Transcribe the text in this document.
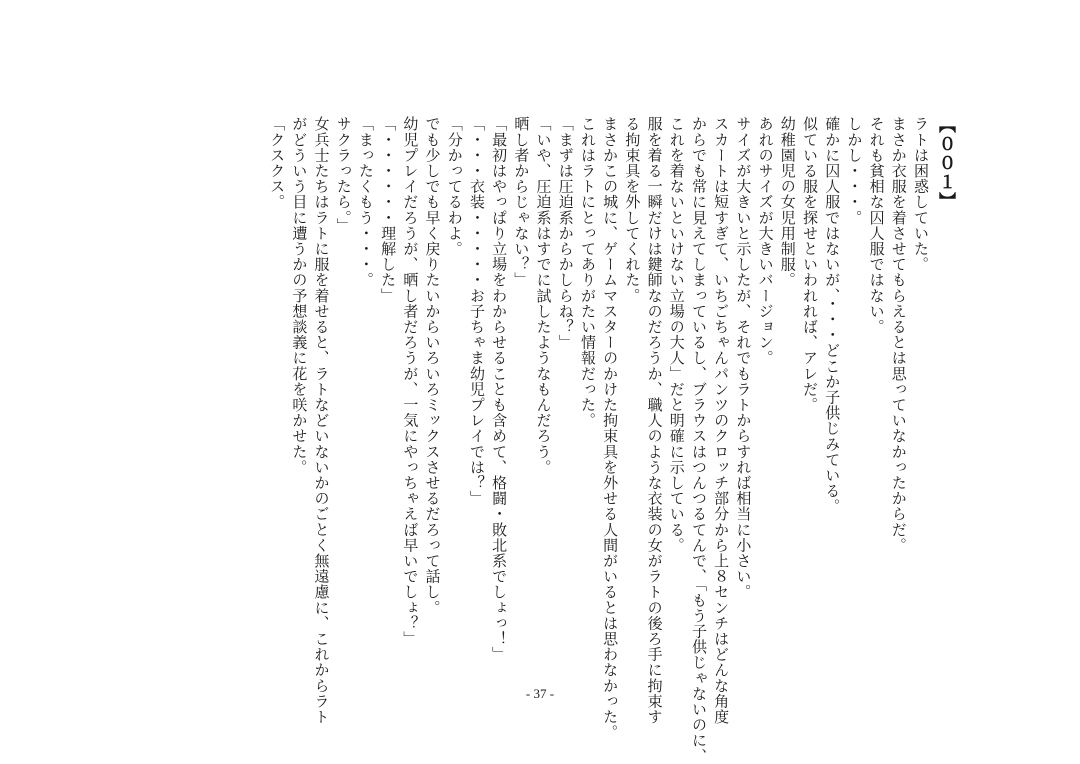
【００１】
ラトは困惑していた。
まさか衣服を着させてもらえるとは思っていなかったからだ。
それも貧相な囚人服ではない。
しかし・・・。
確かに囚人服ではないが、・・・どこか子供じみている。
似ている服を探せといわれれば、アレだ。
幼稚園児の女児用制服。
あれのサイズが大きいバージョン。
サイズが大きいと示したが、それでもラトからすれば相当に小さい。
スカートは短すぎて、いちごちゃんパンツのクロッチ部分から上８センチはどんな角度
からでも常に見えてしまっているし、ブラウスはつんつるてんで、「もう子供じゃないのに、
これを着ないといけない立場の大人」だと明確に示している。
服を着る一瞬だけは鍵師なのだろうか、職人のような衣装の女がラトの後ろ手に拘束す
る拘束具を外してくれた。
まさかこの城に、ゲームマスターのかけた拘束具を外せる人間がいるとは思わなかった。
これはラトにとってありがたい情報だった。
「まずは圧迫系からかしらね？」
「いや、圧迫系はすでに試したようなもんだろう。
晒し者からじゃない？」
「最初はやっぱり立場をわからせることも含めて、格闘・敗北系でしょっ！」
「・・・衣装・・・・・お子ちゃま幼児プレイでは？」
「分かってるわよ。
でも少しでも早く戻りたいからいろいろミックスさせるだろって話し。
幼児プレイだろうが、晒し者だろうが、一気にやっちゃえば早いでしょ？」
「・・・・・・理解した」
「まったくもう・・・。
サクラったら。」
女兵士たちはラトに服を着せると、ラトなどいないかのごとく無遠慮に、これからラト
がどういう目に遭うかの予想談義に花を咲かせた。
「クスクス。
- 37 -
